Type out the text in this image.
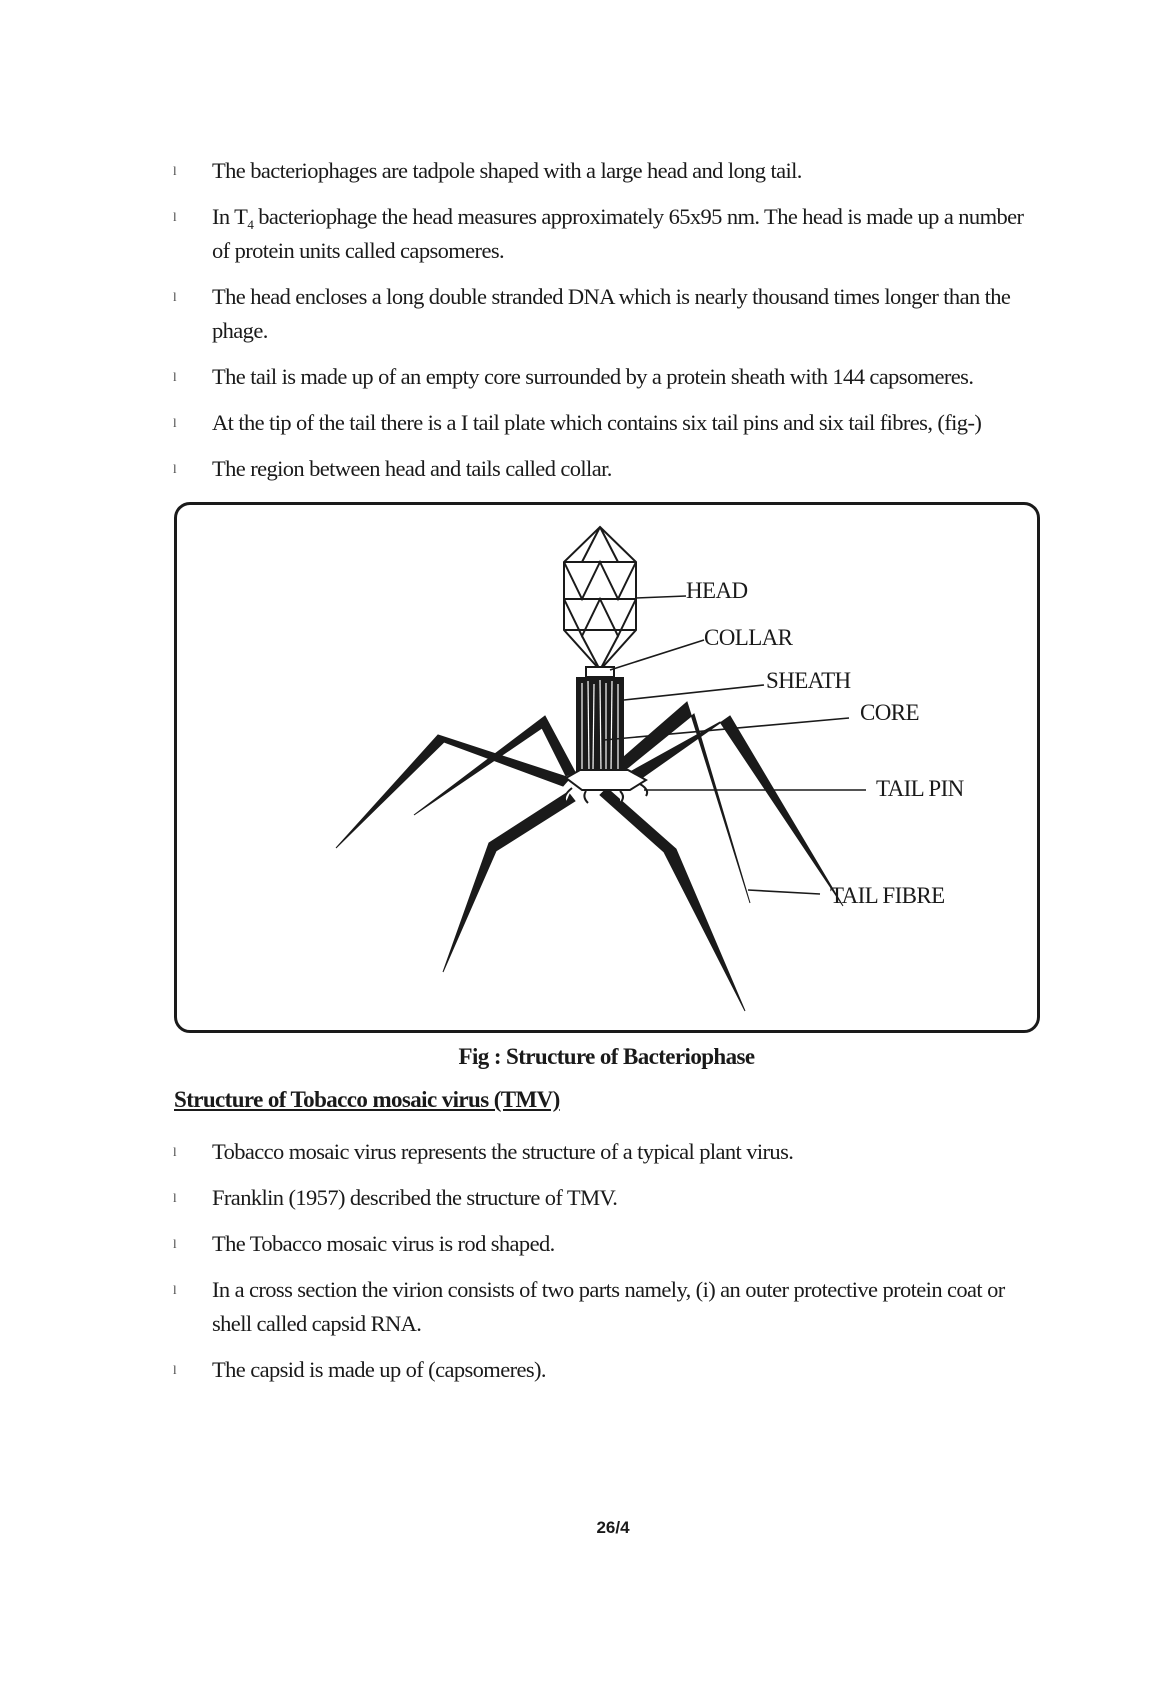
l The bacteriophages are tadpole shaped with a large head and long tail.
l In $T_4$ bacteriophage the head measures approximately 65x95 nm. The head is made up a number of protein units called capsomeres.
l The head encloses a long double stranded DNA which is nearly thousand times longer than the phage.
l The tail is made up of an empty core surrounded by a protein sheath with 144 capsomeres.
l At the tip of the tail there is a I tail plate which contains six tail pins and six tail fibres, (fig-)
l The region between head and tails called collar.
HEAD
COLLAR
SHEATH
CORE
TAIL PIN
TAIL FIBRE
Fig : Structure of Bacteriophase
Structure of Tobacco mosaic virus (TMV)
l Tobacco mosaic virus represents the structure of a typical plant virus.
l Franklin (1957) described the structure of TMV.
l The Tobacco mosaic virus is rod shaped.
l In a cross section the virion consists of two parts namely, (i) an outer protective protein coat or shell called capsid RNA.
l The capsid is made up of (capsomeres).
26/4
